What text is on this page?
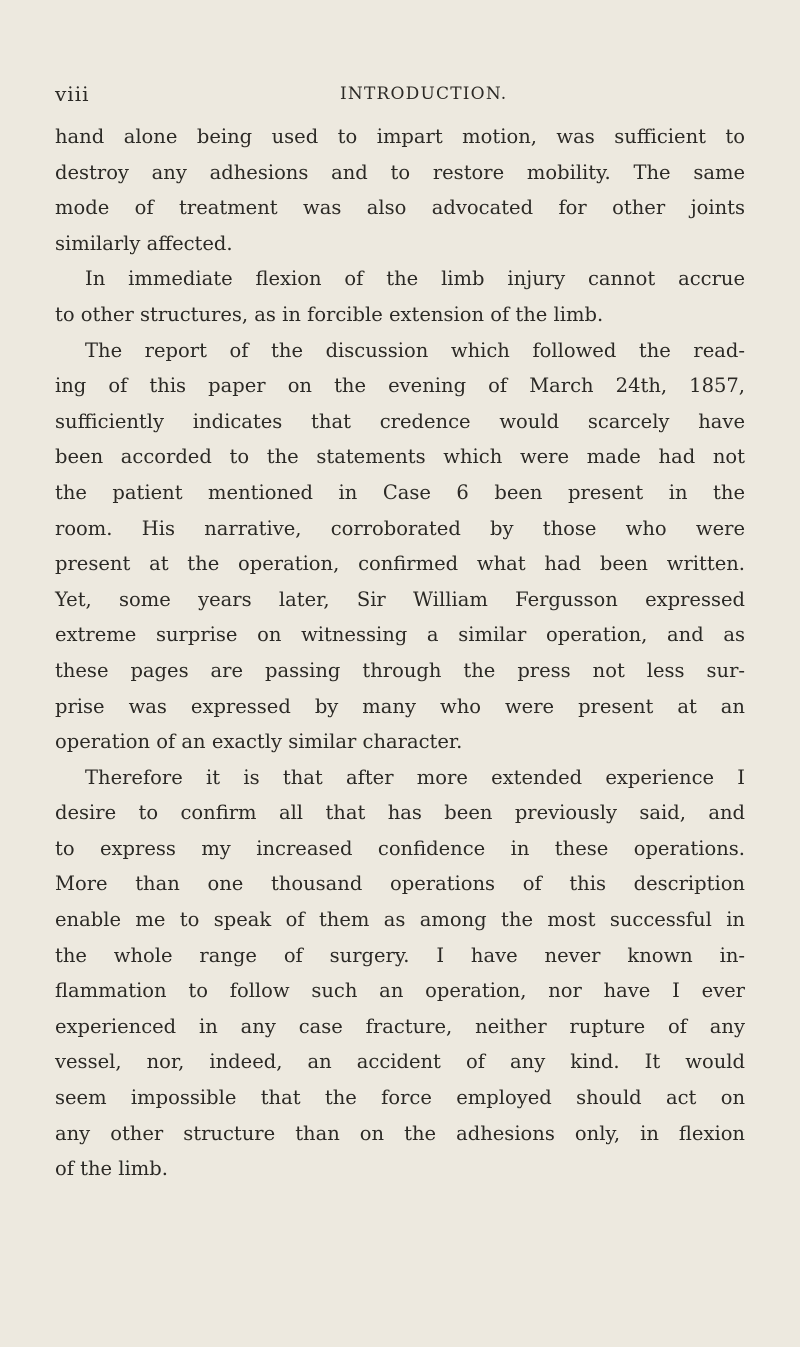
viii	INTRODUCTION.
hand alone being used to impart motion, was sufficient to
destroy any adhesions and to restore mobility. The same
mode of treatment was also advocated for other joints
similarly affected.
In immediate flexion of the limb injury cannot accrue
to other structures, as in forcible extension of the limb.
The report of the discussion which followed the read-
ing of this paper on the evening of March 24th, 1857,
sufficiently indicates that credence would scarcely have
been accorded to the statements which were made had not
the patient mentioned in Case 6 been present in the
room. His narrative, corroborated by those who were
present at the operation, confirmed what had been written.
Yet, some years later, Sir William Fergusson expressed
extreme surprise on witnessing a similar operation, and as
these pages are passing through the press not less sur-
prise was expressed by many who were present at an
operation of an exactly similar character.
Therefore it is that after more extended experience I
desire to confirm all that has been previously said, and
to express my increased confidence in these operations.
More than one thousand operations of this description
enable me to speak of them as among the most successful in
the whole range of surgery. I have never known in-
flammation to follow such an operation, nor have I ever
experienced in any case fracture, neither rupture of any
vessel, nor, indeed, an accident of any kind. It would
seem impossible that the force employed should act on
any other structure than on the adhesions only, in flexion
of the limb.
